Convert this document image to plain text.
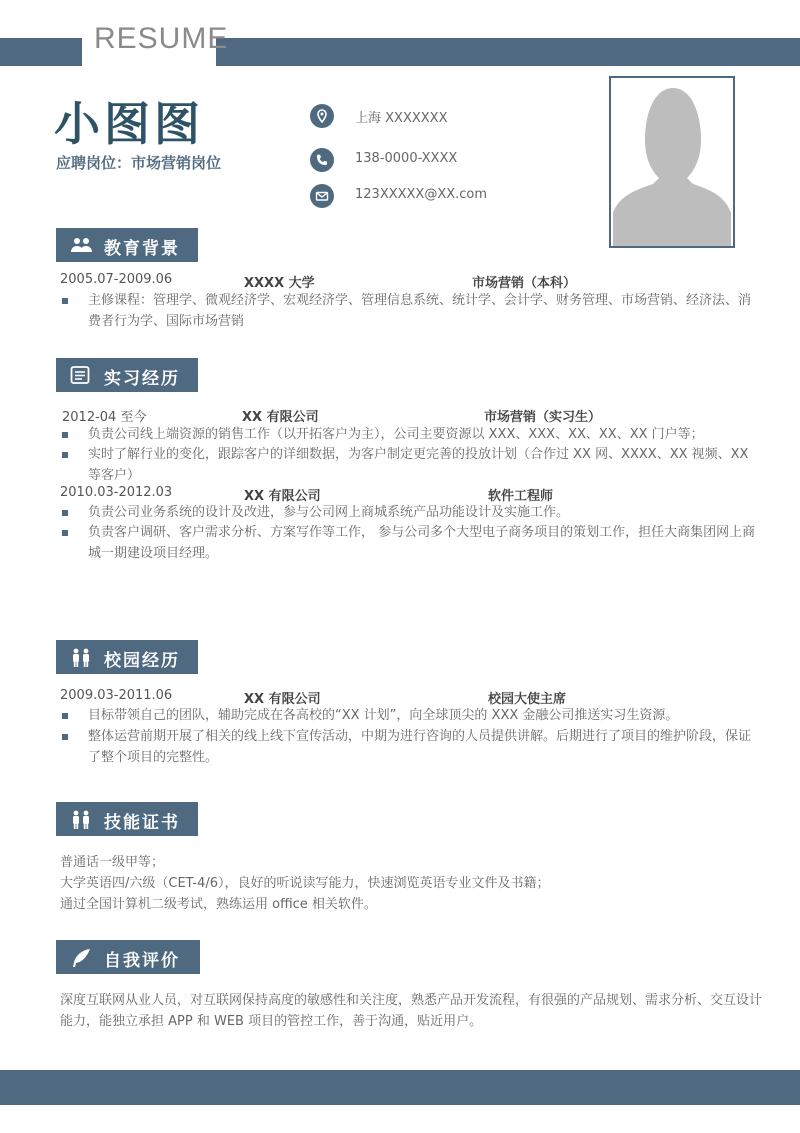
RESUME
小图图
应聘岗位：市场营销岗位
上海 XXXXXXX
138-0000-XXXX
123XXXXX@XX.com
教育背景
2005.07-2009.06	XXXX 大学	市场营销（本科）
主修课程：管理学、微观经济学、宏观经济学、管理信息系统、统计学、会计学、财务管理、市场营销、经济法、消费者行为学、国际市场营销
实习经历
2012-04 至今	XX 有限公司	市场营销（实习生）
负责公司线上端资源的销售工作（以开拓客户为主），公司主要资源以 XXX、XXX、XX、XX、XX 门户等；
实时了解行业的变化，跟踪客户的详细数据，为客户制定更完善的投放计划（合作过 XX 网、XXXX、XX 视频、XX 等客户）
2010.03-2012.03	XX 有限公司	软件工程师
负责公司业务系统的设计及改进，参与公司网上商城系统产品功能设计及实施工作。
负责客户调研、客户需求分析、方案写作等工作， 参与公司多个大型电子商务项目的策划工作，担任大商集团网上商城一期建设项目经理。
校园经历
2009.03-2011.06	XX 有限公司	校园大使主席
目标带领自己的团队，辅助完成在各高校的“XX 计划”，向全球顶尖的 XXX 金融公司推送实习生资源。
整体运营前期开展了相关的线上线下宣传活动，中期为进行咨询的人员提供讲解。后期进行了项目的维护阶段，保证了整个项目的完整性。
技能证书
普通话一级甲等；
大学英语四/六级（CET-4/6），良好的听说读写能力，快速浏览英语专业文件及书籍；
通过全国计算机二级考试，熟练运用 office 相关软件。
自我评价
深度互联网从业人员，对互联网保持高度的敏感性和关注度，熟悉产品开发流程，有很强的产品规划、需求分析、交互设计能力，能独立承担 APP 和 WEB 项目的管控工作，善于沟通，贴近用户。
